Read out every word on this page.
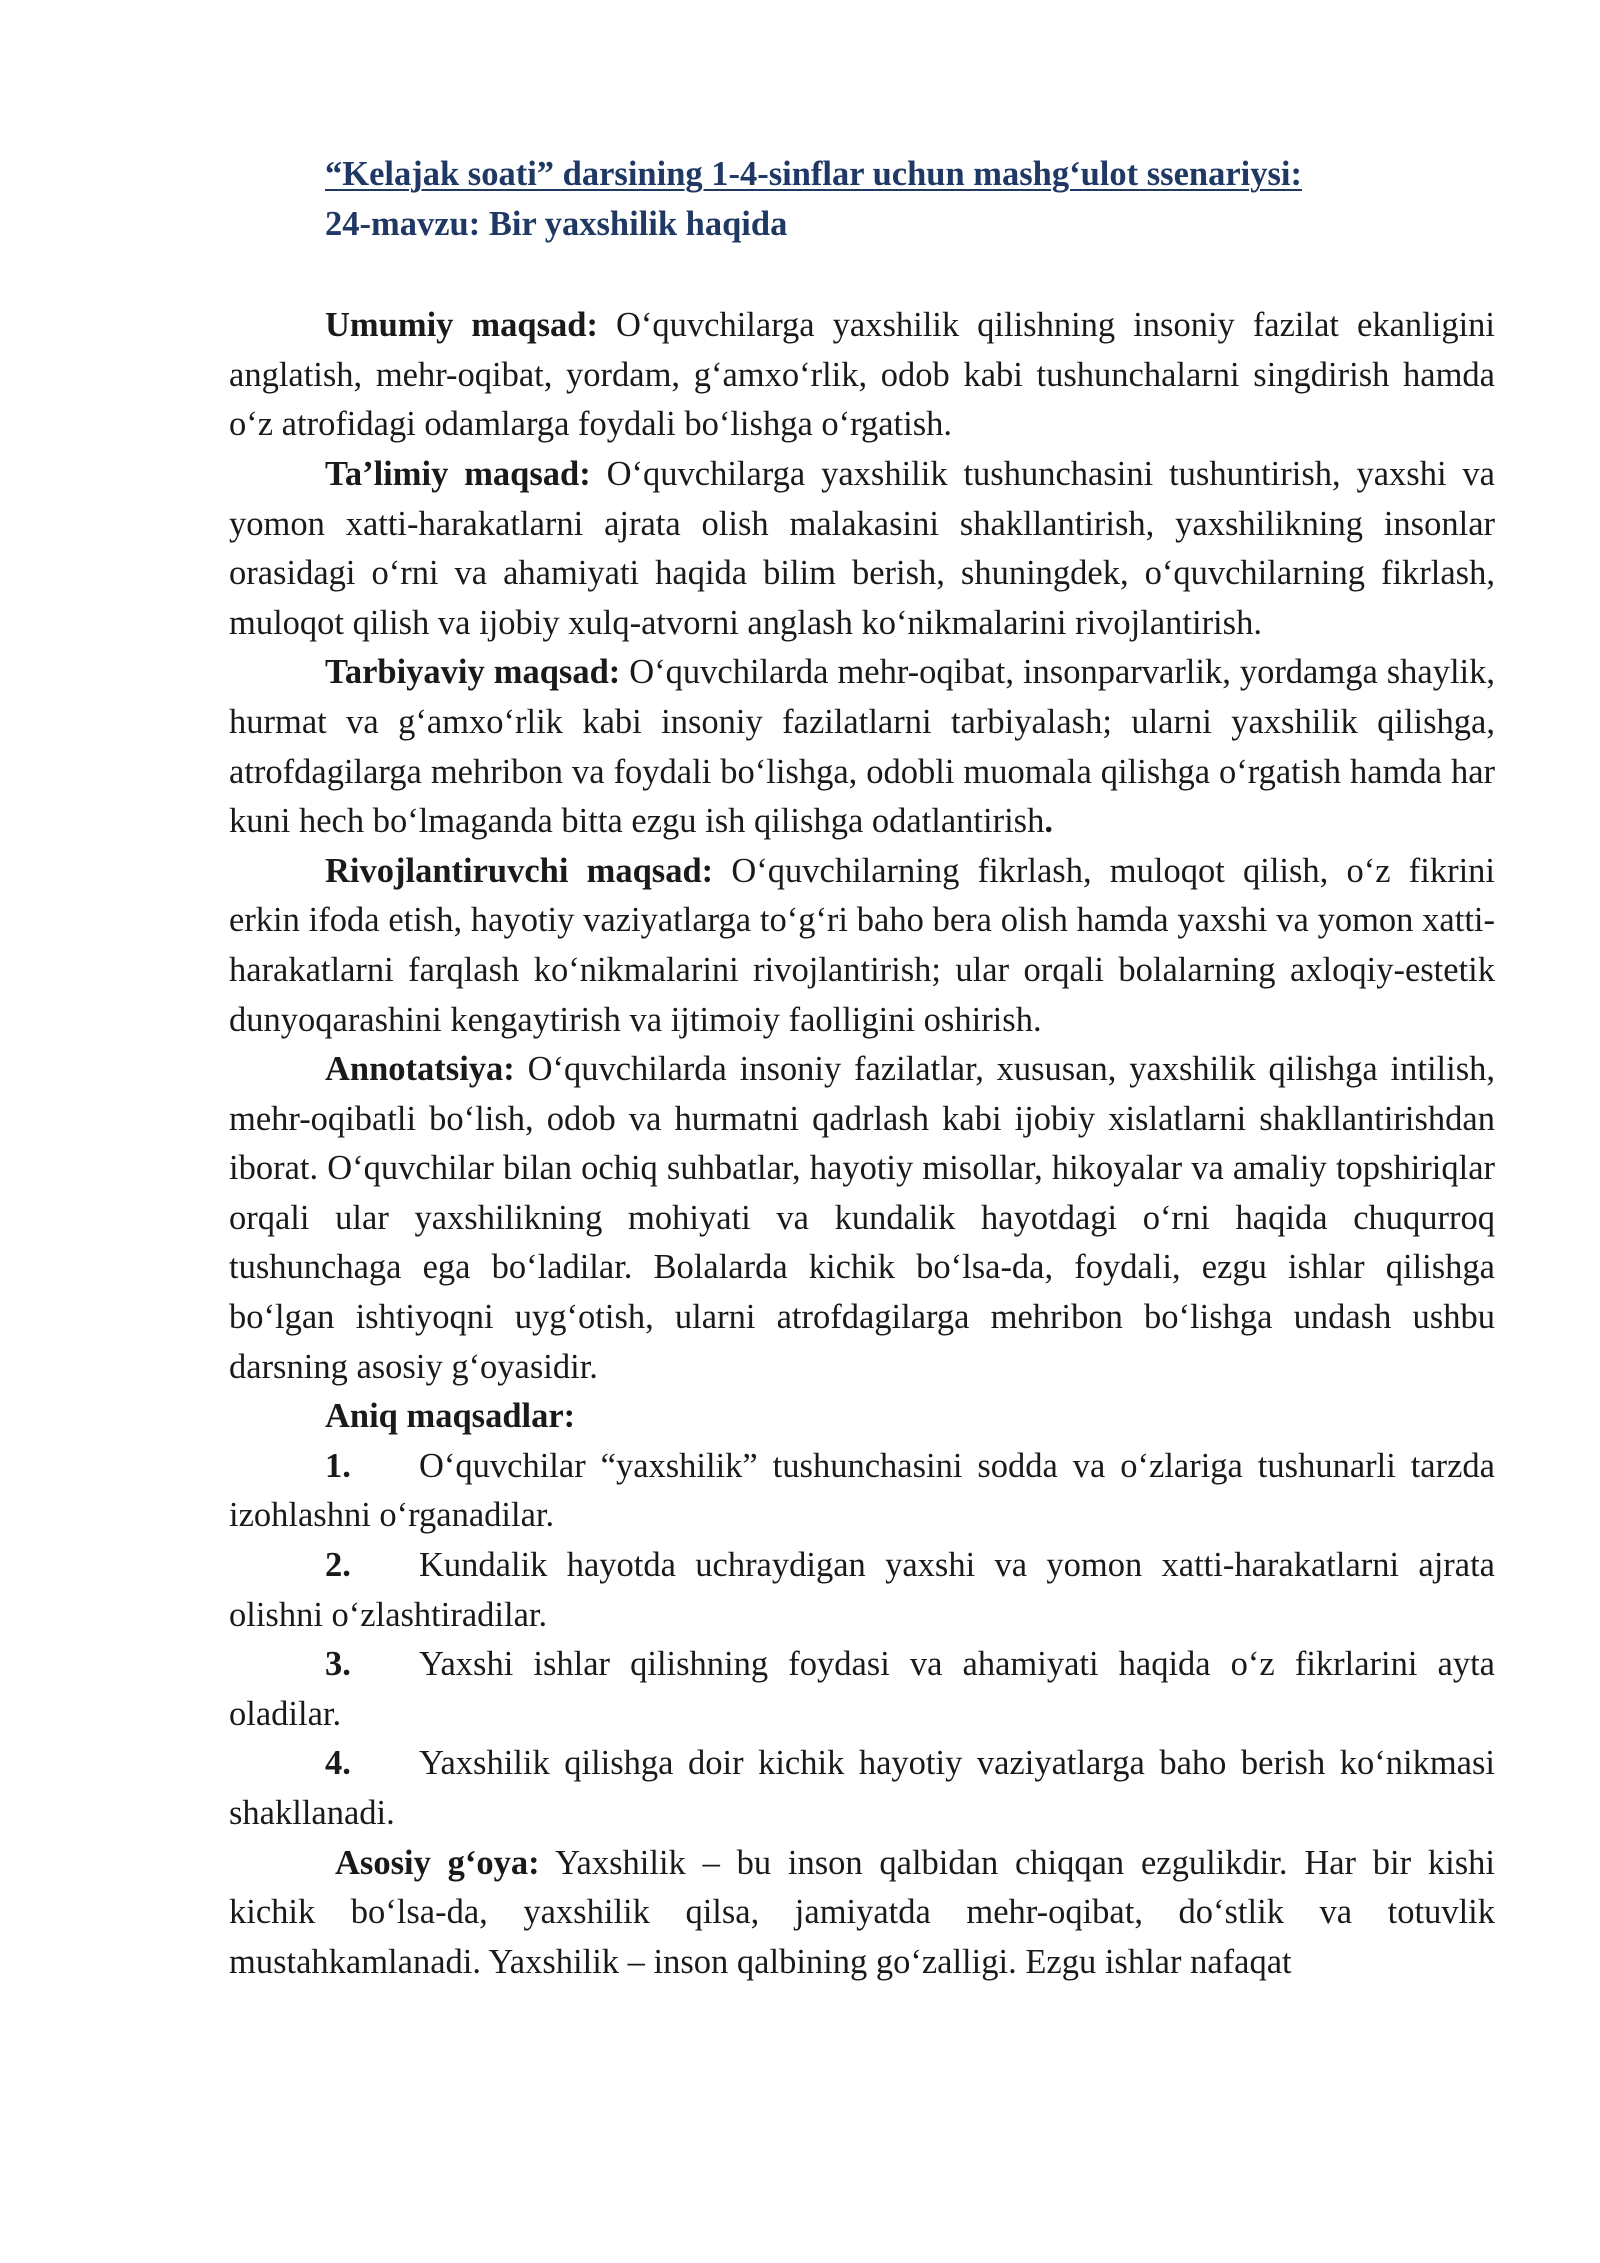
“Kelajak soati” darsining 1-4-sinflar uchun mashg‘ulot ssenariysi:
24-mavzu: Bir yaxshilik haqida

Umumiy maqsad: O‘quvchilarga yaxshilik qilishning insoniy fazilat ekanligini anglatish, mehr-oqibat, yordam, g‘amxo‘rlik, odob kabi tushunchalarni singdirish hamda o‘z atrofidagi odamlarga foydali bo‘lishga o‘rgatish.

Ta’limiy maqsad: O‘quvchilarga yaxshilik tushunchasini tushuntirish, yaxshi va yomon xatti-harakatlarni ajrata olish malakasini shakllantirish, yaxshilikning insonlar orasidagi o‘rni va ahamiyati haqida bilim berish, shuningdek, o‘quvchilarning fikrlash, muloqot qilish va ijobiy xulq-atvorni anglash ko‘nikmalarini rivojlantirish.

Tarbiyaviy maqsad: O‘quvchilarda mehr-oqibat, insonparvarlik, yordamga shaylik, hurmat va g‘amxo‘rlik kabi insoniy fazilatlarni tarbiyalash; ularni yaxshilik qilishga, atrofdagilarga mehribon va foydali bo‘lishga, odobli muomala qilishga o‘rgatish hamda har kuni hech bo‘lmaganda bitta ezgu ish qilishga odatlantirish.

Rivojlantiruvchi maqsad: O‘quvchilarning fikrlash, muloqot qilish, o‘z fikrini erkin ifoda etish, hayotiy vaziyatlarga to‘g‘ri baho bera olish hamda yaxshi va yomon xatti-harakatlarni farqlash ko‘nikmalarini rivojlantirish; ular orqali bolalarning axloqiy-estetik dunyoqarashini kengaytirish va ijtimoiy faolligini oshirish.

Annotatsiya: O‘quvchilarda insoniy fazilatlar, xususan, yaxshilik qilishga intilish, mehr-oqibatli bo‘lish, odob va hurmatni qadrlash kabi ijobiy xislatlarni shakllantirishdan iborat. O‘quvchilar bilan ochiq suhbatlar, hayotiy misollar, hikoyalar va amaliy topshiriqlar orqali ular yaxshilikning mohiyati va kundalik hayotdagi o‘rni haqida chuqurroq tushunchaga ega bo‘ladilar. Bolalarda kichik bo‘lsa-da, foydali, ezgu ishlar qilishga bo‘lgan ishtiyoqni uyg‘otish, ularni atrofdagilarga mehribon bo‘lishga undash ushbu darsning asosiy g‘oyasidir.

Aniq maqsadlar:

1. O‘quvchilar “yaxshilik” tushunchasini sodda va o‘zlariga tushunarli tarzda izohlashni o‘rganadilar.

2. Kundalik hayotda uchraydigan yaxshi va yomon xatti-harakatlarni ajrata olishni o‘zlashtiradilar.

3. Yaxshi ishlar qilishning foydasi va ahamiyati haqida o‘z fikrlarini ayta oladilar.

4. Yaxshilik qilishga doir kichik hayotiy vaziyatlarga baho berish ko‘nikmasi shakllanadi.

Asosiy g‘oya: Yaxshilik – bu inson qalbidan chiqqan ezgulikdir. Har bir kishi kichik bo‘lsa-da, yaxshilik qilsa, jamiyatda mehr-oqibat, do‘stlik va totuvlik mustahkamlanadi. Yaxshilik – inson qalbining go‘zalligi. Ezgu ishlar nafaqat
